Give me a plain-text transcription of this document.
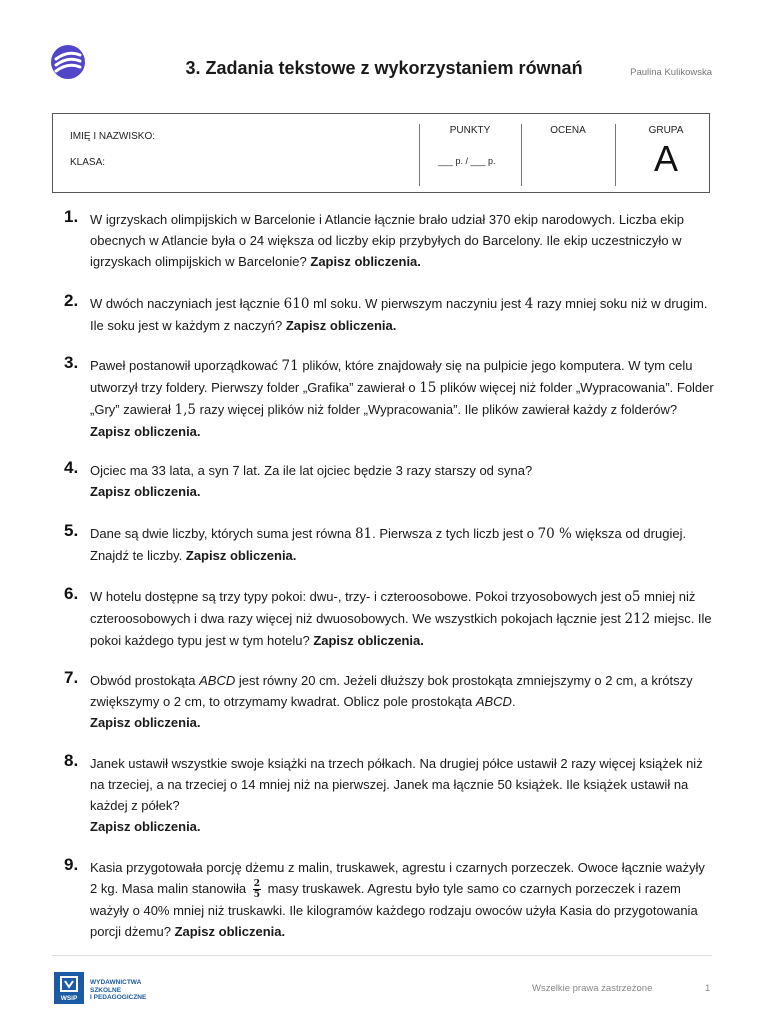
3. Zadania tekstowe z wykorzystaniem równań	Paulina Kulikowska
IMIĘ I NAZWISKO:
KLASA:
PUNKTY
___ p. / ___ p.
OCENA	GRUPA
A
1. W igrzyskach olimpijskich w Barcelonie i Atlancie łącznie brało udział 370 ekip narodowych. Liczba ekip obecnych w Atlancie była o 24 większa od liczby ekip przybyłych do Barcelony. Ile ekip uczestniczyło w igrzyskach olimpijskich w Barcelonie? Zapisz obliczenia.
2. W dwóch naczyniach jest łącznie 610 ml soku. W pierwszym naczyniu jest 4 razy mniej soku niż w drugim. Ile soku jest w każdym z naczyń? Zapisz obliczenia.
3. Paweł postanowił uporządkować 71 plików, które znajdowały się na pulpicie jego komputera. W tym celu utworzył trzy foldery. Pierwszy folder „Grafika” zawierał o 15 plików więcej niż folder „Wypracowania”. Folder „Gry” zawierał 1,5 razy więcej plików niż folder „Wypracowania”. Ile plików zawierał każdy z folderów? Zapisz obliczenia.
4. Ojciec ma 33 lata, a syn 7 lat. Za ile lat ojciec będzie 3 razy starszy od syna?
Zapisz obliczenia.
5. Dane są dwie liczby, których suma jest równa 81. Pierwsza z tych liczb jest o 70 % większa od drugiej. Znajdź te liczby. Zapisz obliczenia.
6. W hotelu dostępne są trzy typy pokoi: dwu-, trzy- i czteroosobowe. Pokoi trzyosobowych jest o5 mniej niż czteroosobowych i dwa razy więcej niż dwuosobowych. We wszystkich pokojach łącznie jest 212 miejsc. Ile pokoi każdego typu jest w tym hotelu? Zapisz obliczenia.
7. Obwód prostokąta ABCD jest równy 20 cm. Jeżeli dłuższy bok prostokąta zmniejszymy o 2 cm, a krótszy zwiększymy o 2 cm, to otrzymamy kwadrat. Oblicz pole prostokąta ABCD.
Zapisz obliczenia.
8. Janek ustawił wszystkie swoje książki na trzech półkach. Na drugiej półce ustawił 2 razy więcej książek niż na trzeciej, a na trzeciej o 14 mniej niż na pierwszej. Janek ma łącznie 50 książek. Ile książek ustawił na każdej z półek?
Zapisz obliczenia.
9. Kasia przygotowała porcję dżemu z malin, truskawek, agrestu i czarnych porzeczek. Owoce łącznie ważyły 2 kg. Masa malin stanowiła $\frac{2}{5}$ masy truskawek. Agrestu było tyle samo co czarnych porzeczek i razem ważyły o 40% mniej niż truskawki. Ile kilogramów każdego rodzaju owoców użyła Kasia do przygotowania porcji dżemu? Zapisz obliczenia.
WSiP
WYDAWNICTWA
SZKOLNE
I PEDAGOGICZNE
Wszelkie prawa zastrzeżone	1
